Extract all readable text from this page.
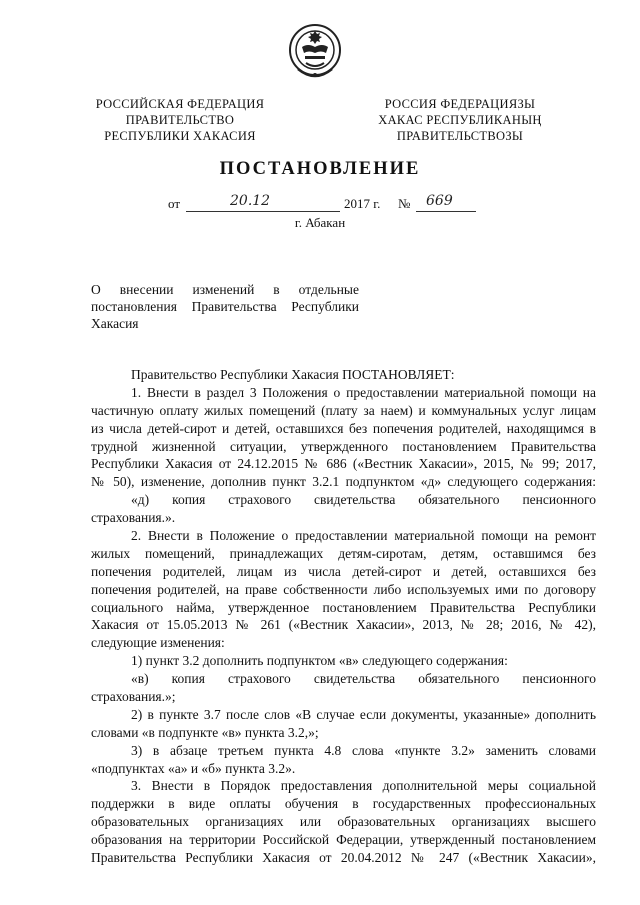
РОССИЙСКАЯ ФЕДЕРАЦИЯ
ПРАВИТЕЛЬСТВО
РЕСПУБЛИКИ ХАКАСИЯ
РОССИЯ ФЕДЕРАЦИЯЗЫ
ХАКАС РЕСПУБЛИКАНЫҢ
ПРАВИТЕЛЬСТВОЗЫ
ПОСТАНОВЛЕНИЕ
от	20.12	2017 г. № 669
г. Абакан
О внесении изменений в отдельные
постановления Правительства Республики
Хакасия
Правительство Республики Хакасия ПОСТАНОВЛЯЕТ:
1. Внести в раздел 3 Положения о предоставлении материальной помощи на
частичную оплату жилых помещений (плату за наем) и коммунальных услуг лицам
из числа детей-сирот и детей, оставшихся без попечения родителей, находящимся в
трудной жизненной ситуации, утвержденного постановлением Правительства
Республики Хакасия от 24.12.2015 № 686 («Вестник Хакасии», 2015, № 99; 2017,
№ 50), изменение, дополнив пункт 3.2.1 подпунктом «д» следующего содержания:
«д) копия страхового свидетельства обязательного пенсионного
страхования.».
2. Внести в Положение о предоставлении материальной помощи на ремонт
жилых помещений, принадлежащих детям-сиротам, детям, оставшимся без
попечения родителей, лицам из числа детей-сирот и детей, оставшихся без
попечения родителей, на праве собственности либо используемых ими по договору
социального найма, утвержденное постановлением Правительства Республики
Хакасия от 15.05.2013 № 261 («Вестник Хакасии», 2013, № 28; 2016, № 42),
следующие изменения:
1) пункт 3.2 дополнить подпунктом «в» следующего содержания:
«в) копия страхового свидетельства обязательного пенсионного
страхования.»;
2) в пункте 3.7 после слов «В случае если документы, указанные» дополнить
словами «в подпункте «в» пункта 3.2,»;
3) в абзаце третьем пункта 4.8 слова «пункте 3.2» заменить словами
«подпунктах «а» и «б» пункта 3.2».
3. Внести в Порядок предоставления дополнительной меры социальной
поддержки в виде оплаты обучения в государственных профессиональных
образовательных организациях или образовательных организациях высшего
образования на территории Российской Федерации, утвержденный постановлением
Правительства Республики Хакасия от 20.04.2012 № 247 («Вестник Хакасии»,
